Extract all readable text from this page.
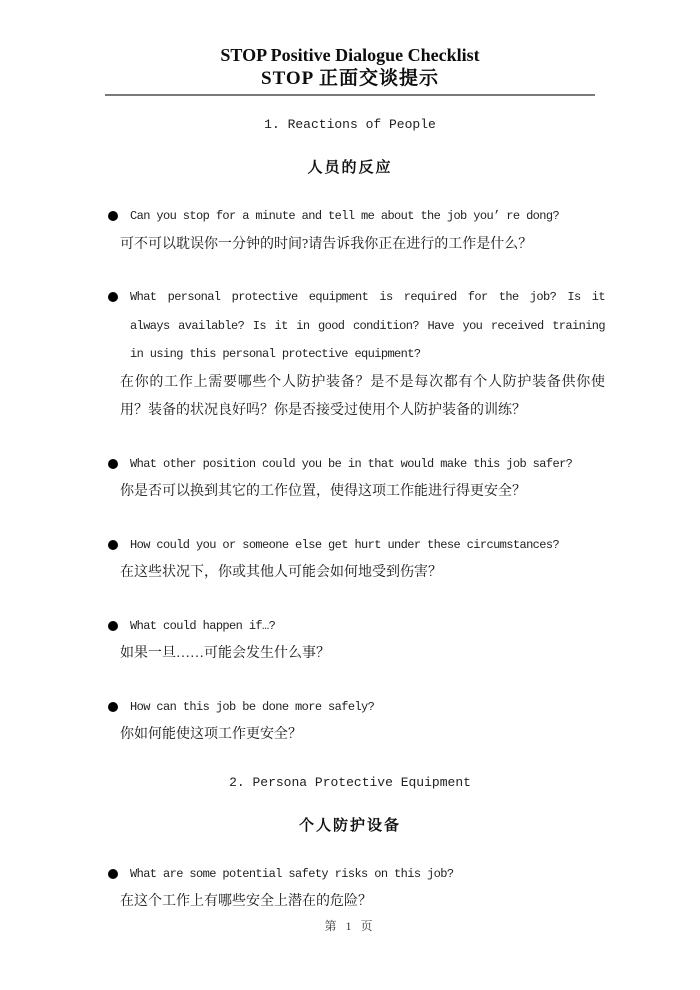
STOP Positive Dialogue Checklist
STOP 正面交谈提示
1. Reactions of People
人员的反应
Can you stop for a minute and tell me about the job you’ re dong?
可不可以耽误你一分钟的时间?请告诉我你正在进行的工作是什么？
What personal protective equipment is required for the job? Is it always available? Is it in good condition? Have you received training in using this personal protective equipment?
在你的工作上需要哪些个人防护装备？是不是每次都有个人防护装备供你使用？装备的状况良好吗？你是否接受过使用个人防护装备的训练？
What other position could you be in that would make this job safer?
你是否可以换到其它的工作位置，使得这项工作能进行得更安全？
How could you or someone else get hurt under these circumstances?
在这些状况下，你或其他人可能会如何地受到伤害？
What could happen if…?
如果一旦……可能会发生什么事？
How can this job be done more safely?
你如何能使这项工作更安全？
2. Persona Protective Equipment
个人防护设备
What are some potential safety risks on this job?
在这个工作上有哪些安全上潜在的危险？
第 1 页
